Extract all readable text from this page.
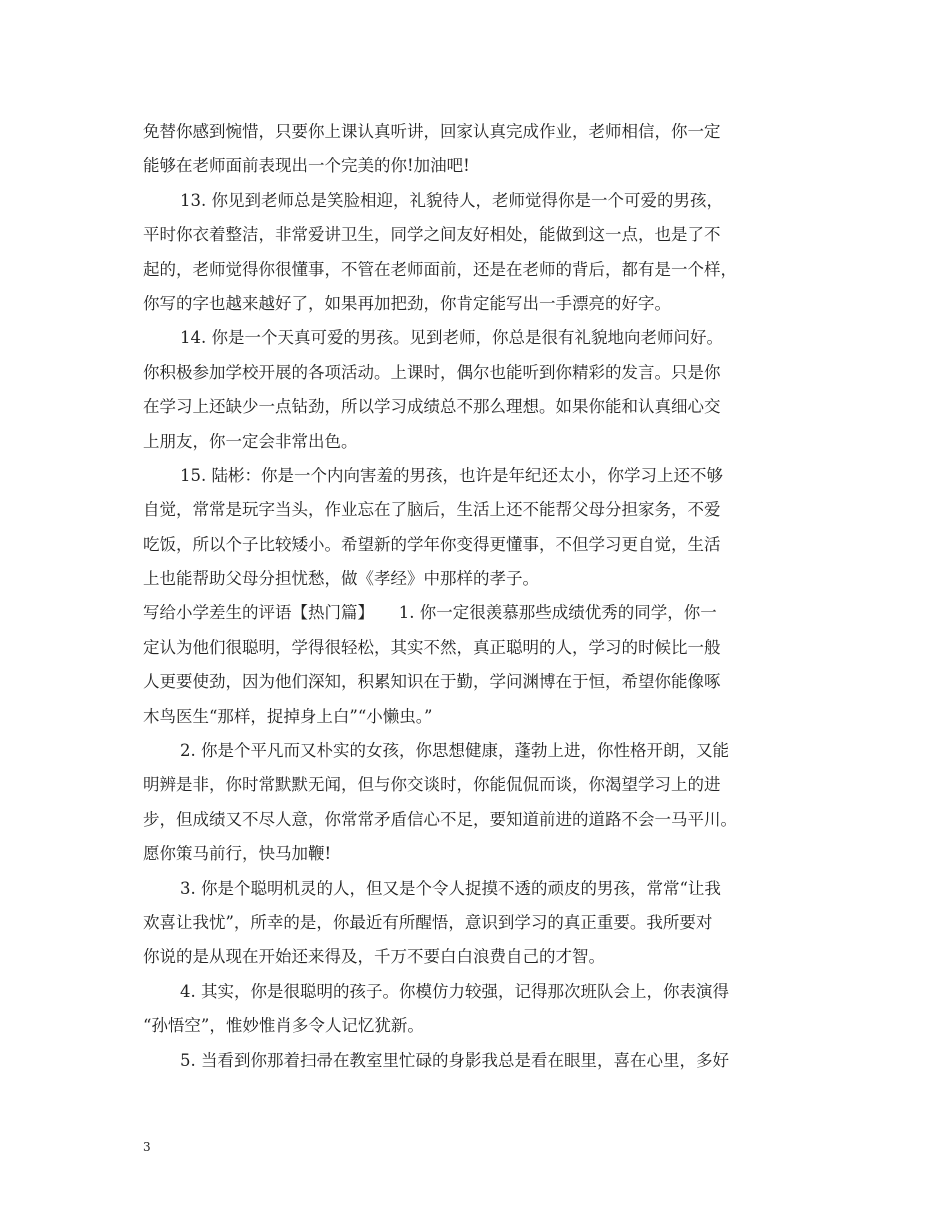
免替你感到惋惜，只要你上课认真听讲，回家认真完成作业，老师相信，你一定
能够在老师面前表现出一个完美的你!加油吧!
13. 你见到老师总是笑脸相迎，礼貌待人，老师觉得你是一个可爱的男孩，
平时你衣着整洁，非常爱讲卫生，同学之间友好相处，能做到这一点，也是了不
起的，老师觉得你很懂事，不管在老师面前，还是在老师的背后，都有是一个样，
你写的字也越来越好了，如果再加把劲，你肯定能写出一手漂亮的好字。
14. 你是一个天真可爱的男孩。见到老师，你总是很有礼貌地向老师问好。
你积极参加学校开展的各项活动。上课时，偶尔也能听到你精彩的发言。只是你
在学习上还缺少一点钻劲，所以学习成绩总不那么理想。如果你能和认真细心交
上朋友，你一定会非常出色。
15. 陆彬：你是一个内向害羞的男孩，也许是年纪还太小，你学习上还不够
自觉，常常是玩字当头，作业忘在了脑后，生活上还不能帮父母分担家务，不爱
吃饭，所以个子比较矮小。希望新的学年你变得更懂事，不但学习更自觉，生活
上也能帮助父母分担忧愁，做《孝经》中那样的孝子。
写给小学差生的评语【热门篇】　　1. 你一定很羡慕那些成绩优秀的同学，你一
定认为他们很聪明，学得很轻松，其实不然，真正聪明的人，学习的时候比一般
人更要使劲，因为他们深知，积累知识在于勤，学问渊博在于恒，希望你能像啄
木鸟医生“那样，捉掉身上白”“小懒虫。”
2. 你是个平凡而又朴实的女孩，你思想健康，蓬勃上进，你性格开朗，又能
明辨是非，你时常默默无闻，但与你交谈时，你能侃侃而谈，你渴望学习上的进
步，但成绩又不尽人意，你常常矛盾信心不足，要知道前进的道路不会一马平川。
愿你策马前行，快马加鞭!
3. 你是个聪明机灵的人，但又是个令人捉摸不透的顽皮的男孩，常常“让我
欢喜让我忧”，所幸的是，你最近有所醒悟，意识到学习的真正重要。我所要对
你说的是从现在开始还来得及，千万不要白白浪费自己的才智。
4. 其实，你是很聪明的孩子。你模仿力较强，记得那次班队会上，你表演得
“孙悟空”，惟妙惟肖多令人记忆犹新。
5. 当看到你那着扫帚在教室里忙碌的身影我总是看在眼里，喜在心里，多好
3
